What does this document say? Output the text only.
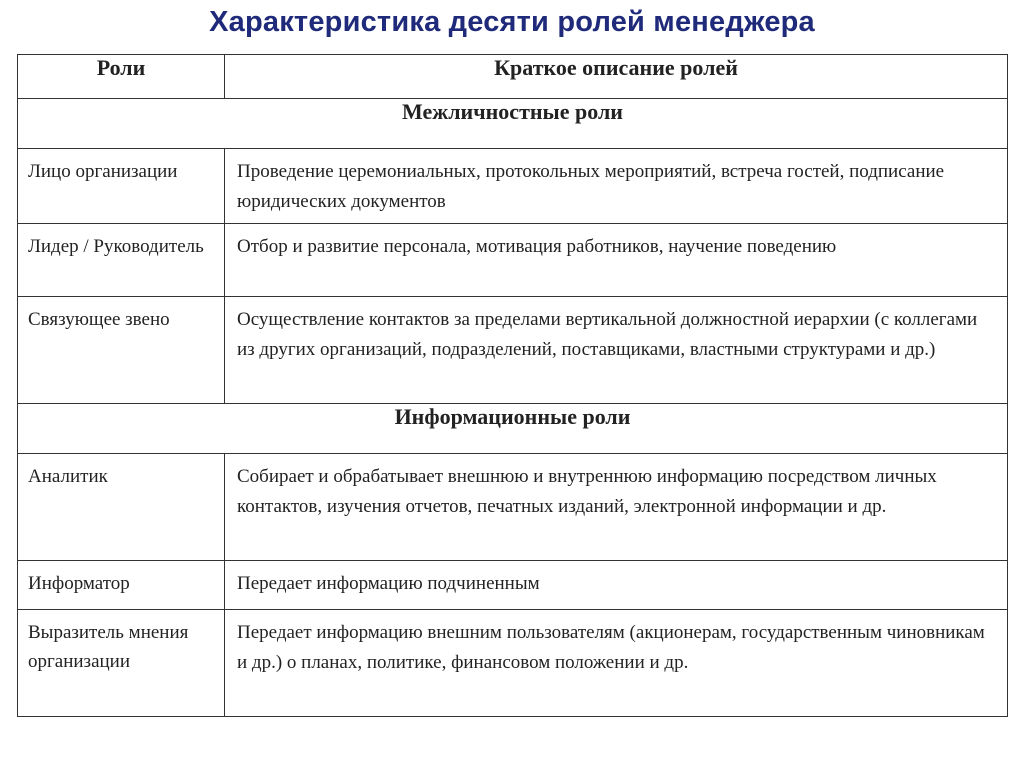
Характеристика десяти ролей менеджера
Роли	Краткое описание ролей
Межличностные роли	
Лицо организации	Проведение церемониальных, протокольных мероприятий, встреча гостей, подписание юридических документов
Лидер / Руководитель	Отбор и развитие персонала, мотивация работников, научение поведению
Связующее звено	Осуществление контактов за пределами вертикальной должностной иерархии (с коллегами из других организаций, подразделений, поставщиками, властными структурами и др.)
Информационные роли	
Аналитик	Собирает и обрабатывает внешнюю и внутреннюю информацию посредством личных контактов, изучения отчетов, печатных изданий, электронной информации и др.
Информатор	Передает информацию подчиненным
Выразитель мнения организации	Передает информацию внешним пользователям (акционерам, государственным чиновникам и др.) о планах, политике, финансовом положении и др.
